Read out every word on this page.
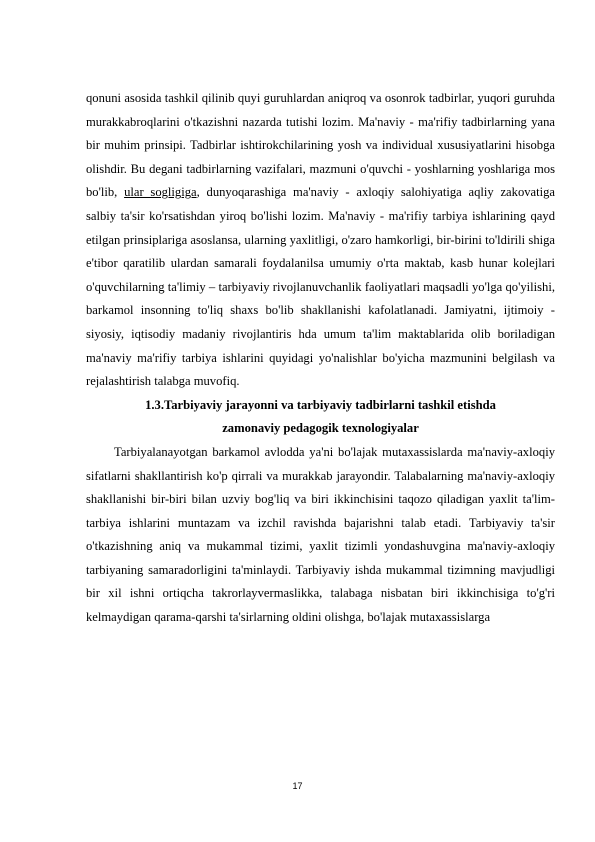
qonuni asosida tashkil qilinib quyi guruhlardan aniqroq va osonrok tadbirlar, yuqori guruhda murakkabroqlarini o'tkazishni nazarda tutishi lozim. Ma'naviy - ma'rifiy tadbirlarning yana bir muhim prinsipi. Tadbirlar ishtirokchilarining yosh va individual xususiyatlarini hisobga olishdir. Bu degani tadbirlarning vazifalari, mazmuni o'quvchi - yoshlarning yoshlariga mos bo'lib, ular sogligiga, dunyoqarashiga ma'naviy - axloqiy salohiyatiga aqliy zakovatiga salbiy ta'sir ko'rsatishdan yiroq bo'lishi lozim. Ma'naviy - ma'rifiy tarbiya ishlarining qayd etilgan prinsiplariga asoslansa, ularning yaxlitligi, o'zaro hamkorligi, bir-birini to'ldirili shiga e'tibor qaratilib ulardan samarali foydalanilsa umumiy o'rta maktab, kasb hunar kolejlari o'quvchilarning ta'limiy – tarbiyaviy rivojlanuvchanlik faoliyatlari maqsadli yo'lga qo'yilishi, barkamol insonning to'liq shaxs bo'lib shakllanishi kafolatlanadi. Jamiyatni, ijtimoiy -siyosiy, iqtisodiy madaniy rivojlantiris hda umum ta'lim maktablarida olib boriladigan ma'naviy ma'rifiy tarbiya ishlarini quyidagi yo'nalishlar bo'yicha mazmunini belgilash va rejalashtirish talabga muvofiq.

1.3.Tarbiyaviy jarayonni va tarbiyaviy tadbirlarni tashkil etishda

zamonaviy pedagogik texnologiyalar

Tarbiyalanayotgan barkamol avlodda ya'ni bo'lajak mutaxassislarda ma'naviy-axloqiy sifatlarni shakllantirish ko'p qirrali va murakkab jarayondir. Talabalarning ma'naviy-axloqiy shakllanishi bir-biri bilan uzviy bog'liq va biri ikkinchisini taqozo qiladigan yaxlit ta'lim-tarbiya ishlarini muntazam va izchil ravishda bajarishni talab etadi. Tarbiyaviy ta'sir o'tkazishning aniq va mukammal tizimi, yaxlit tizimli yondashuvgina ma'naviy-axloqiy tarbiyaning samaradorligini ta'minlaydi. Tarbiyaviy ishda mukammal tizimning mavjudligi bir xil ishni ortiqcha takrorlayvermaslikka, talabaga nisbatan biri ikkinchisiga to'g'ri kelmaydigan qarama-qarshi ta'sirlarning oldini olishga, bo'lajak mutaxassislarga

17
